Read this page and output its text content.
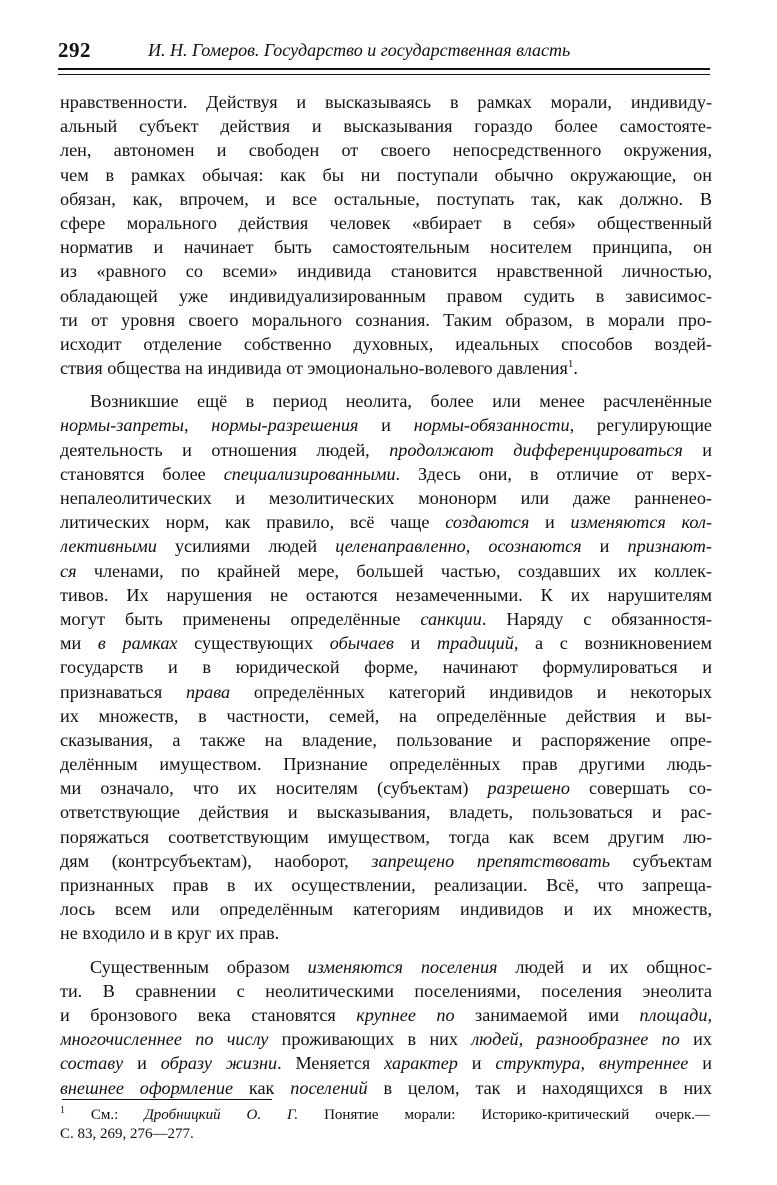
292	И. Н. Гомеров. Государство и государственная власть
нравственности. Действуя и высказываясь в рамках морали, индивиду-
альный субъект действия и высказывания гораздо более самостояте-
лен, автономен и свободен от своего непосредственного окружения,
чем в рамках обычая: как бы ни поступали обычно окружающие, он
обязан, как, впрочем, и все остальные, поступать так, как должно. В
сфере морального действия человек «вбирает в себя» общественный
норматив и начинает быть самостоятельным носителем принципа, он
из «равного со всеми» индивида становится нравственной личностью,
обладающей уже индивидуализированным правом судить в зависимос-
ти от уровня своего морального сознания. Таким образом, в морали про-
исходит отделение собственно духовных, идеальных способов воздей-
ствия общества на индивида от эмоционально-волевого давления$^1$.
Возникшие ещё в период неолита, более или менее расчленённые
нормы-запреты, нормы-разрешения и нормы-обязанности, регулирующие
деятельность и отношения людей, продолжают дифференцироваться и
становятся более специализированными. Здесь они, в отличие от верх-
непалеолитических и мезолитических мононорм или даже ранненео-
литических норм, как правило, всё чаще создаются и изменяются кол-
лективными усилиями людей целенаправленно, осознаются и признают-
ся членами, по крайней мере, большей частью, создавших их коллек-
тивов. Их нарушения не остаются незамеченными. К их нарушителям
могут быть применены определённые санкции. Наряду с обязанностя-
ми в рамках существующих обычаев и традиций, а с возникновением
государств и в юридической форме, начинают формулироваться и
признаваться права определённых категорий индивидов и некоторых
их множеств, в частности, семей, на определённые действия и вы-
сказывания, а также на владение, пользование и распоряжение опре-
делённым имуществом. Признание определённых прав другими людь-
ми означало, что их носителям (субъектам) разрешено совершать со-
ответствующие действия и высказывания, владеть, пользоваться и рас-
поряжаться соответствующим имуществом, тогда как всем другим лю-
дям (контрсубъектам), наоборот, запрещено препятствовать субъектам
признанных прав в их осуществлении, реализации. Всё, что запреща-
лось всем или определённым категориям индивидов и их множеств,
не входило и в круг их прав.
Существенным образом изменяются поселения людей и их общнос-
ти. В сравнении с неолитическими поселениями, поселения энеолита
и бронзового века становятся крупнее по занимаемой ими площади,
многочисленнее по числу проживающих в них людей, разнообразнее по их
составу и образу жизни. Меняется характер и структура, внутреннее и
внешнее оформление как поселений в целом, так и находящихся в них
$^1$ См.: Дробницкий О. Г. Понятие морали: Историко-критический очерк.—
С. 83, 269, 276—277.
